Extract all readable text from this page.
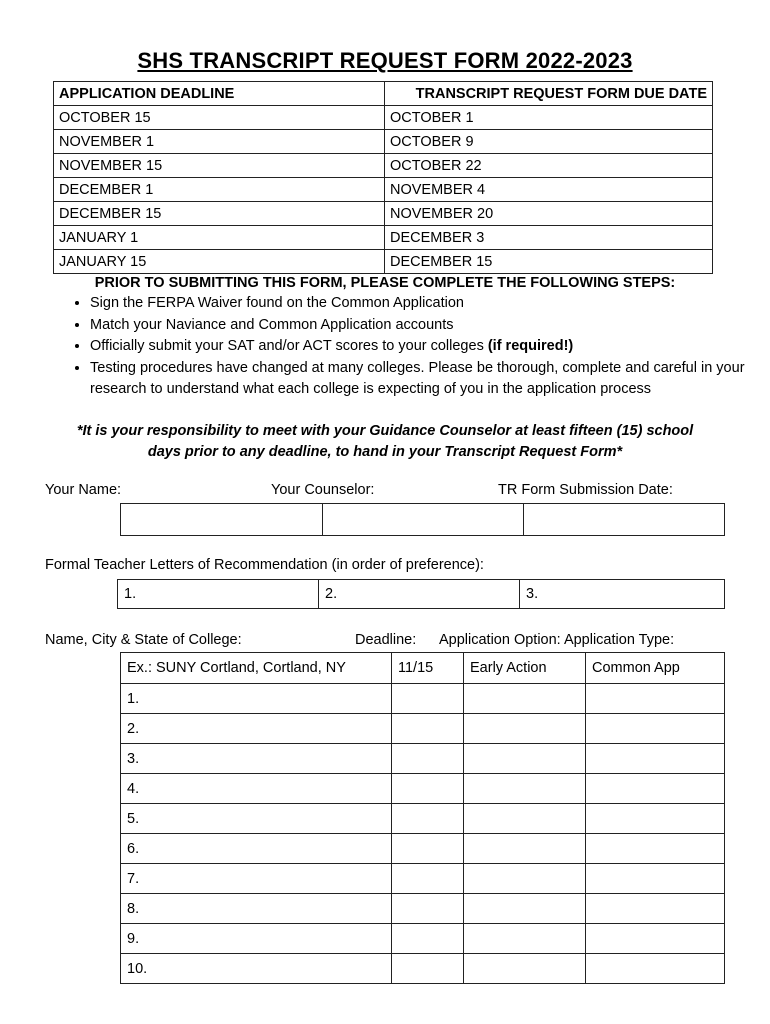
SHS TRANSCRIPT REQUEST FORM 2022-2023
APPLICATION DEADLINE	TRANSCRIPT REQUEST FORM DUE DATE
OCTOBER 15	OCTOBER 1
NOVEMBER 1	OCTOBER 9
NOVEMBER 15	OCTOBER 22
DECEMBER 1	NOVEMBER 4
DECEMBER 15	NOVEMBER 20
JANUARY 1	DECEMBER 3
JANUARY 15	DECEMBER 15
PRIOR TO SUBMITTING THIS FORM, PLEASE COMPLETE THE FOLLOWING STEPS:
• Sign the FERPA Waiver found on the Common Application
• Match your Naviance and Common Application accounts
• Officially submit your SAT and/or ACT scores to your colleges (if required!)
• Testing procedures have changed at many colleges. Please be thorough, complete and careful in your research to understand what each college is expecting of you in the application process
*It is your responsibility to meet with your Guidance Counselor at least fifteen (15) school
days prior to any deadline, to hand in your Transcript Request Form*
Your Name:	Your Counselor:	TR Form Submission Date:

Formal Teacher Letters of Recommendation (in order of preference):
1.	2.	3.
Name, City & State of College:	Deadline: Application Option: Application Type:
Ex.: SUNY Cortland, Cortland, NY	11/15	Early Action	Common App
1.			
2.			
3.			
4.			
5.			
6.			
7.			
8.			
9.			
10.			
